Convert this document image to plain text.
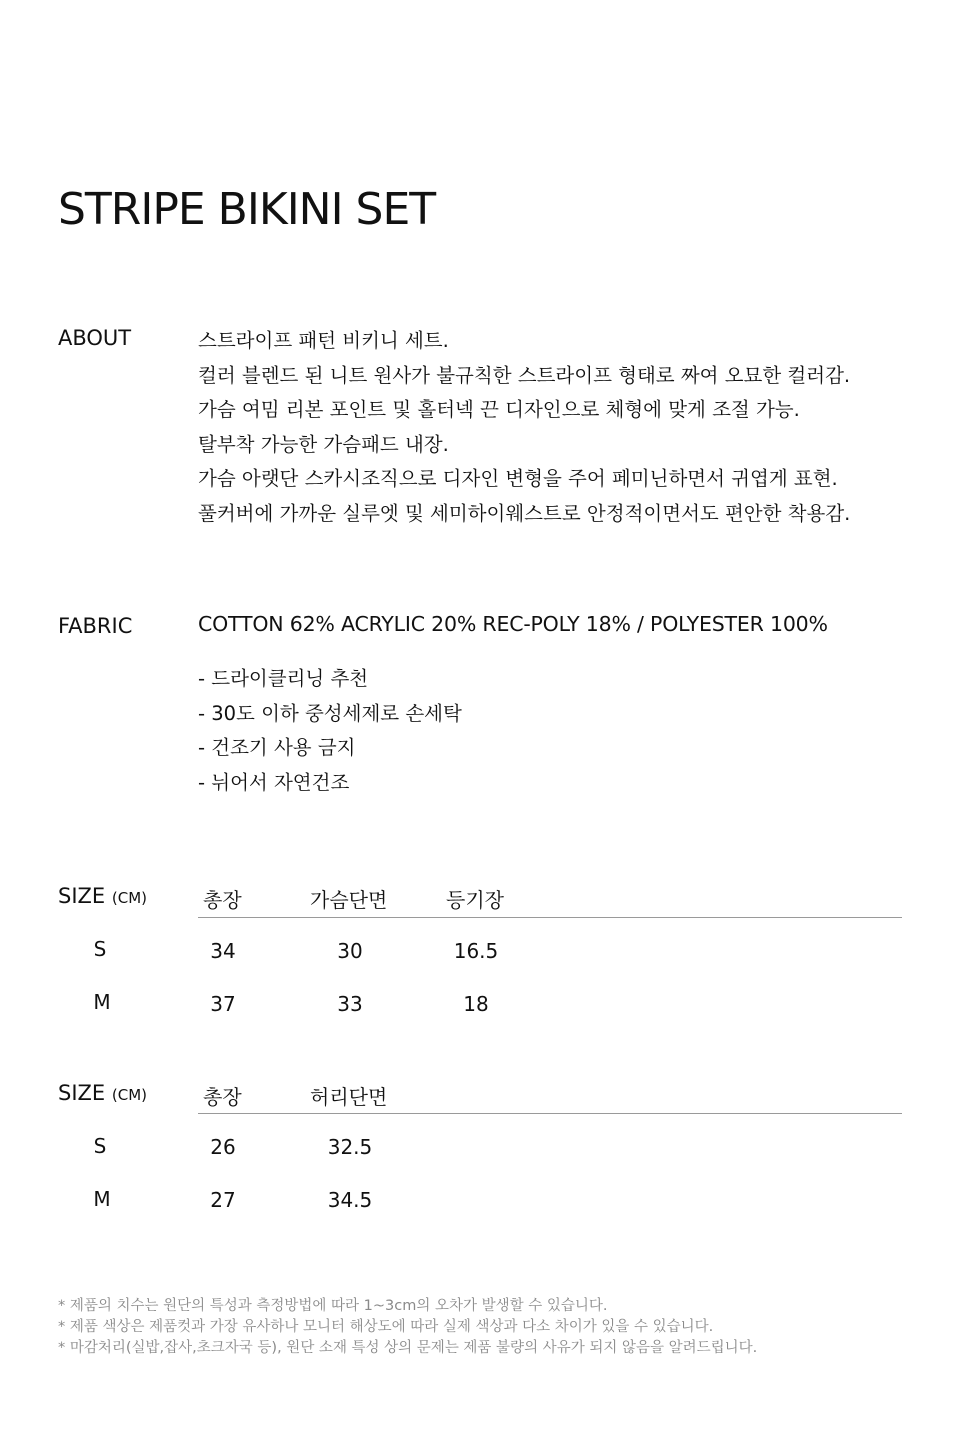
STRIPE BIKINI SET
ABOUT	스트라이프 패턴 비키니 세트.
컬러 블렌드 된 니트 원사가 불규칙한 스트라이프 형태로 짜여 오묘한 컬러감.
가슴 여밈 리본 포인트 및 홀터넥 끈 디자인으로 체형에 맞게 조절 가능.
탈부착 가능한 가슴패드 내장.
가슴 아랫단 스카시조직으로 디자인 변형을 주어 페미닌하면서 귀엽게 표현.
풀커버에 가까운 실루엣 및 세미하이웨스트로 안정적이면서도 편안한 착용감.
FABRIC	COTTON 62% ACRYLIC 20% REC-POLY 18% / POLYESTER 100%
- 드라이클리닝 추천
- 30도 이하 중성세제로 손세탁
- 건조기 사용 금지
- 뉘어서 자연건조
SIZE (CM)	총장	가슴단면	등기장
S	34	30	16.5
M	37	33	18
SIZE (CM)	총장	허리단면
S	26	32.5
M	27	34.5
* 제품의 치수는 원단의 특성과 측정방법에 따라 1~3cm의 오차가 발생할 수 있습니다.
* 제품 색상은 제품컷과 가장 유사하나 모니터 해상도에 따라 실제 색상과 다소 차이가 있을 수 있습니다.
* 마감처리(실밥,잡사,초크자국 등), 원단 소재 특성 상의 문제는 제품 불량의 사유가 되지 않음을 알려드립니다.
